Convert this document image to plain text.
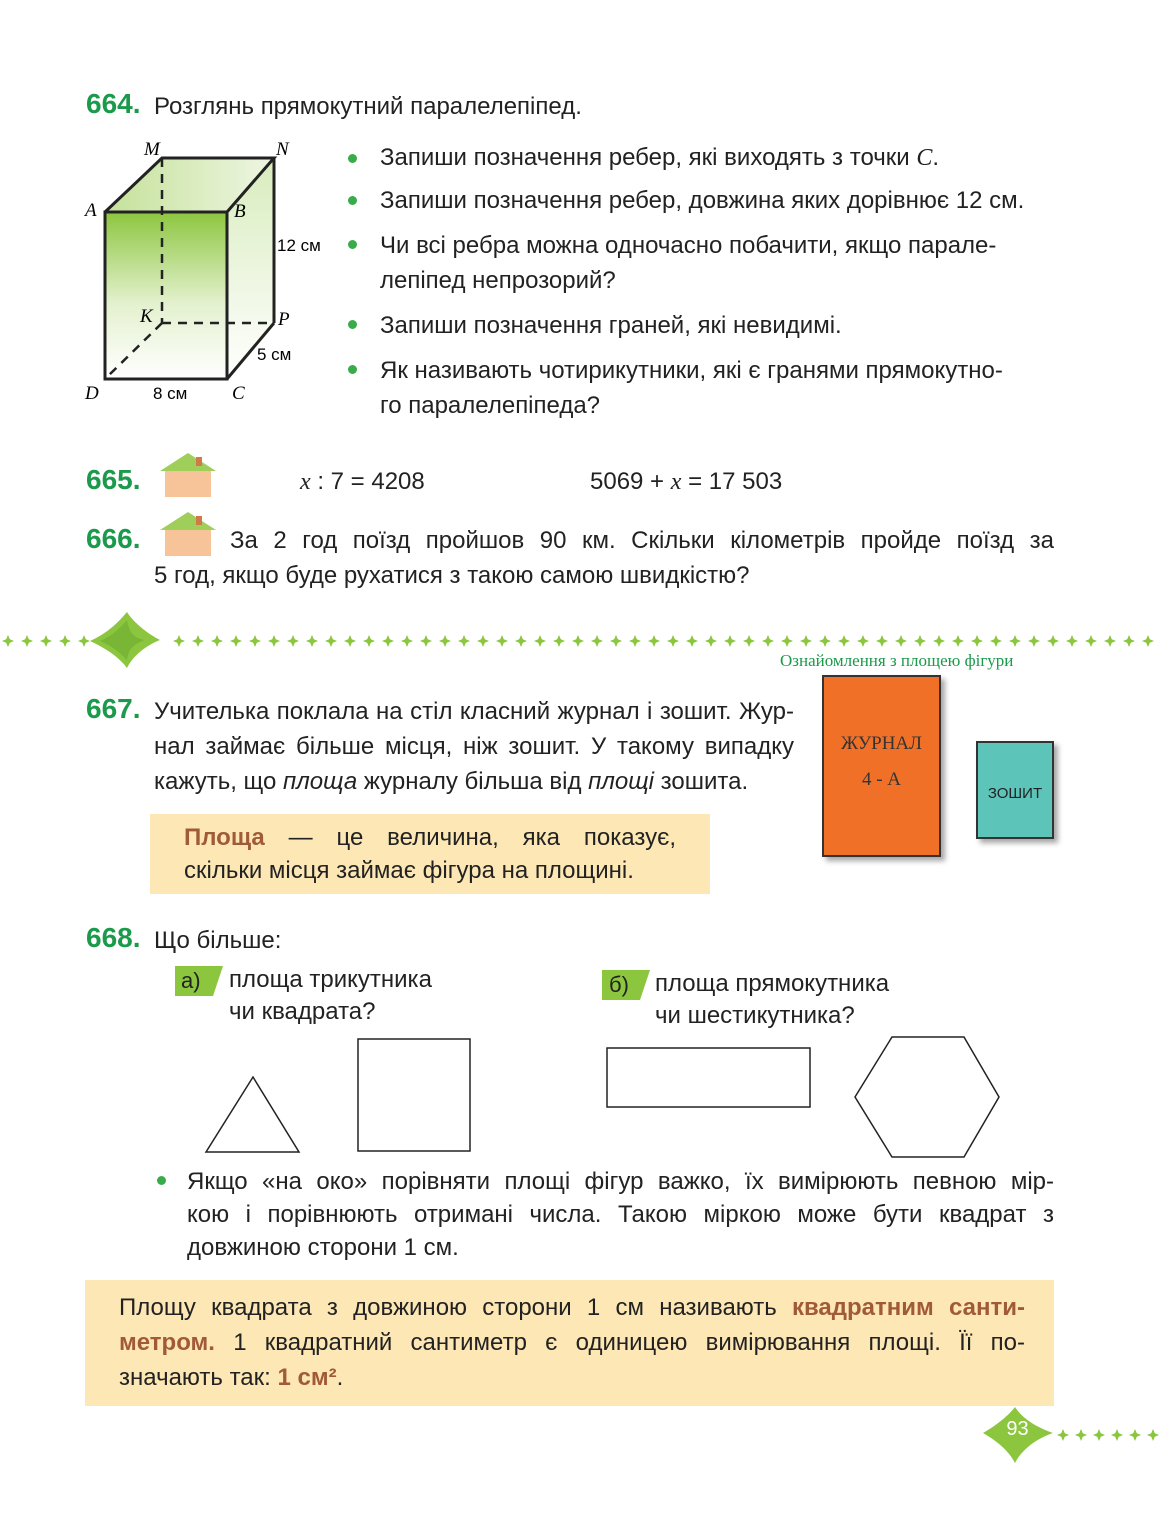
664. Розглянь прямокутний паралелепіпед.
M	N
A	B
K	P
D	C
12 см
5 см
8 см
Запиши позначення ребер, які виходять з точки C.
Запиши позначення ребер, довжина яких дорівнює 12 см.
Чи всі ребра можна одночасно побачити, якщо парале-
лепіпед непрозорий?
Запиши позначення граней, які невидимі.
Як називають чотирикутники, які є гранями прямокутно-
го паралелепіпеда?
665.	x : 7 = 4208	5069 + x = 17 503
666.	За 2 год поїзд пройшов 90 км. Скільки кілометрів пройде поїзд за
5 год, якщо буде рухатися з такою самою швидкістю?
Ознайомлення з площею фігури
667. Учителька поклала на стіл класний журнал і зошит. Жур-
нал займає більше місця, ніж зошит. У такому випадку
кажуть, що площа журналу більша від площі зошита.
ЖУРНАЛ
4 - А
ЗОШИТ
Площа — це величина, яка показує,
скільки місця займає фігура на площині.
668. Що більше:
а) площа трикутника
чи квадрата?
б) площа прямокутника
чи шестикутника?
Якщо «на око» порівняти площі фігур важко, їх вимірюють певною мір-
кою і порівнюють отримані числа. Такою міркою може бути квадрат з
довжиною сторони 1 см.
Площу квадрата з довжиною сторони 1 см називають квадратним санти-
метром. 1 квадратний сантиметр є одиницею вимірювання площі. Її по-
значають так: 1 см².
93
